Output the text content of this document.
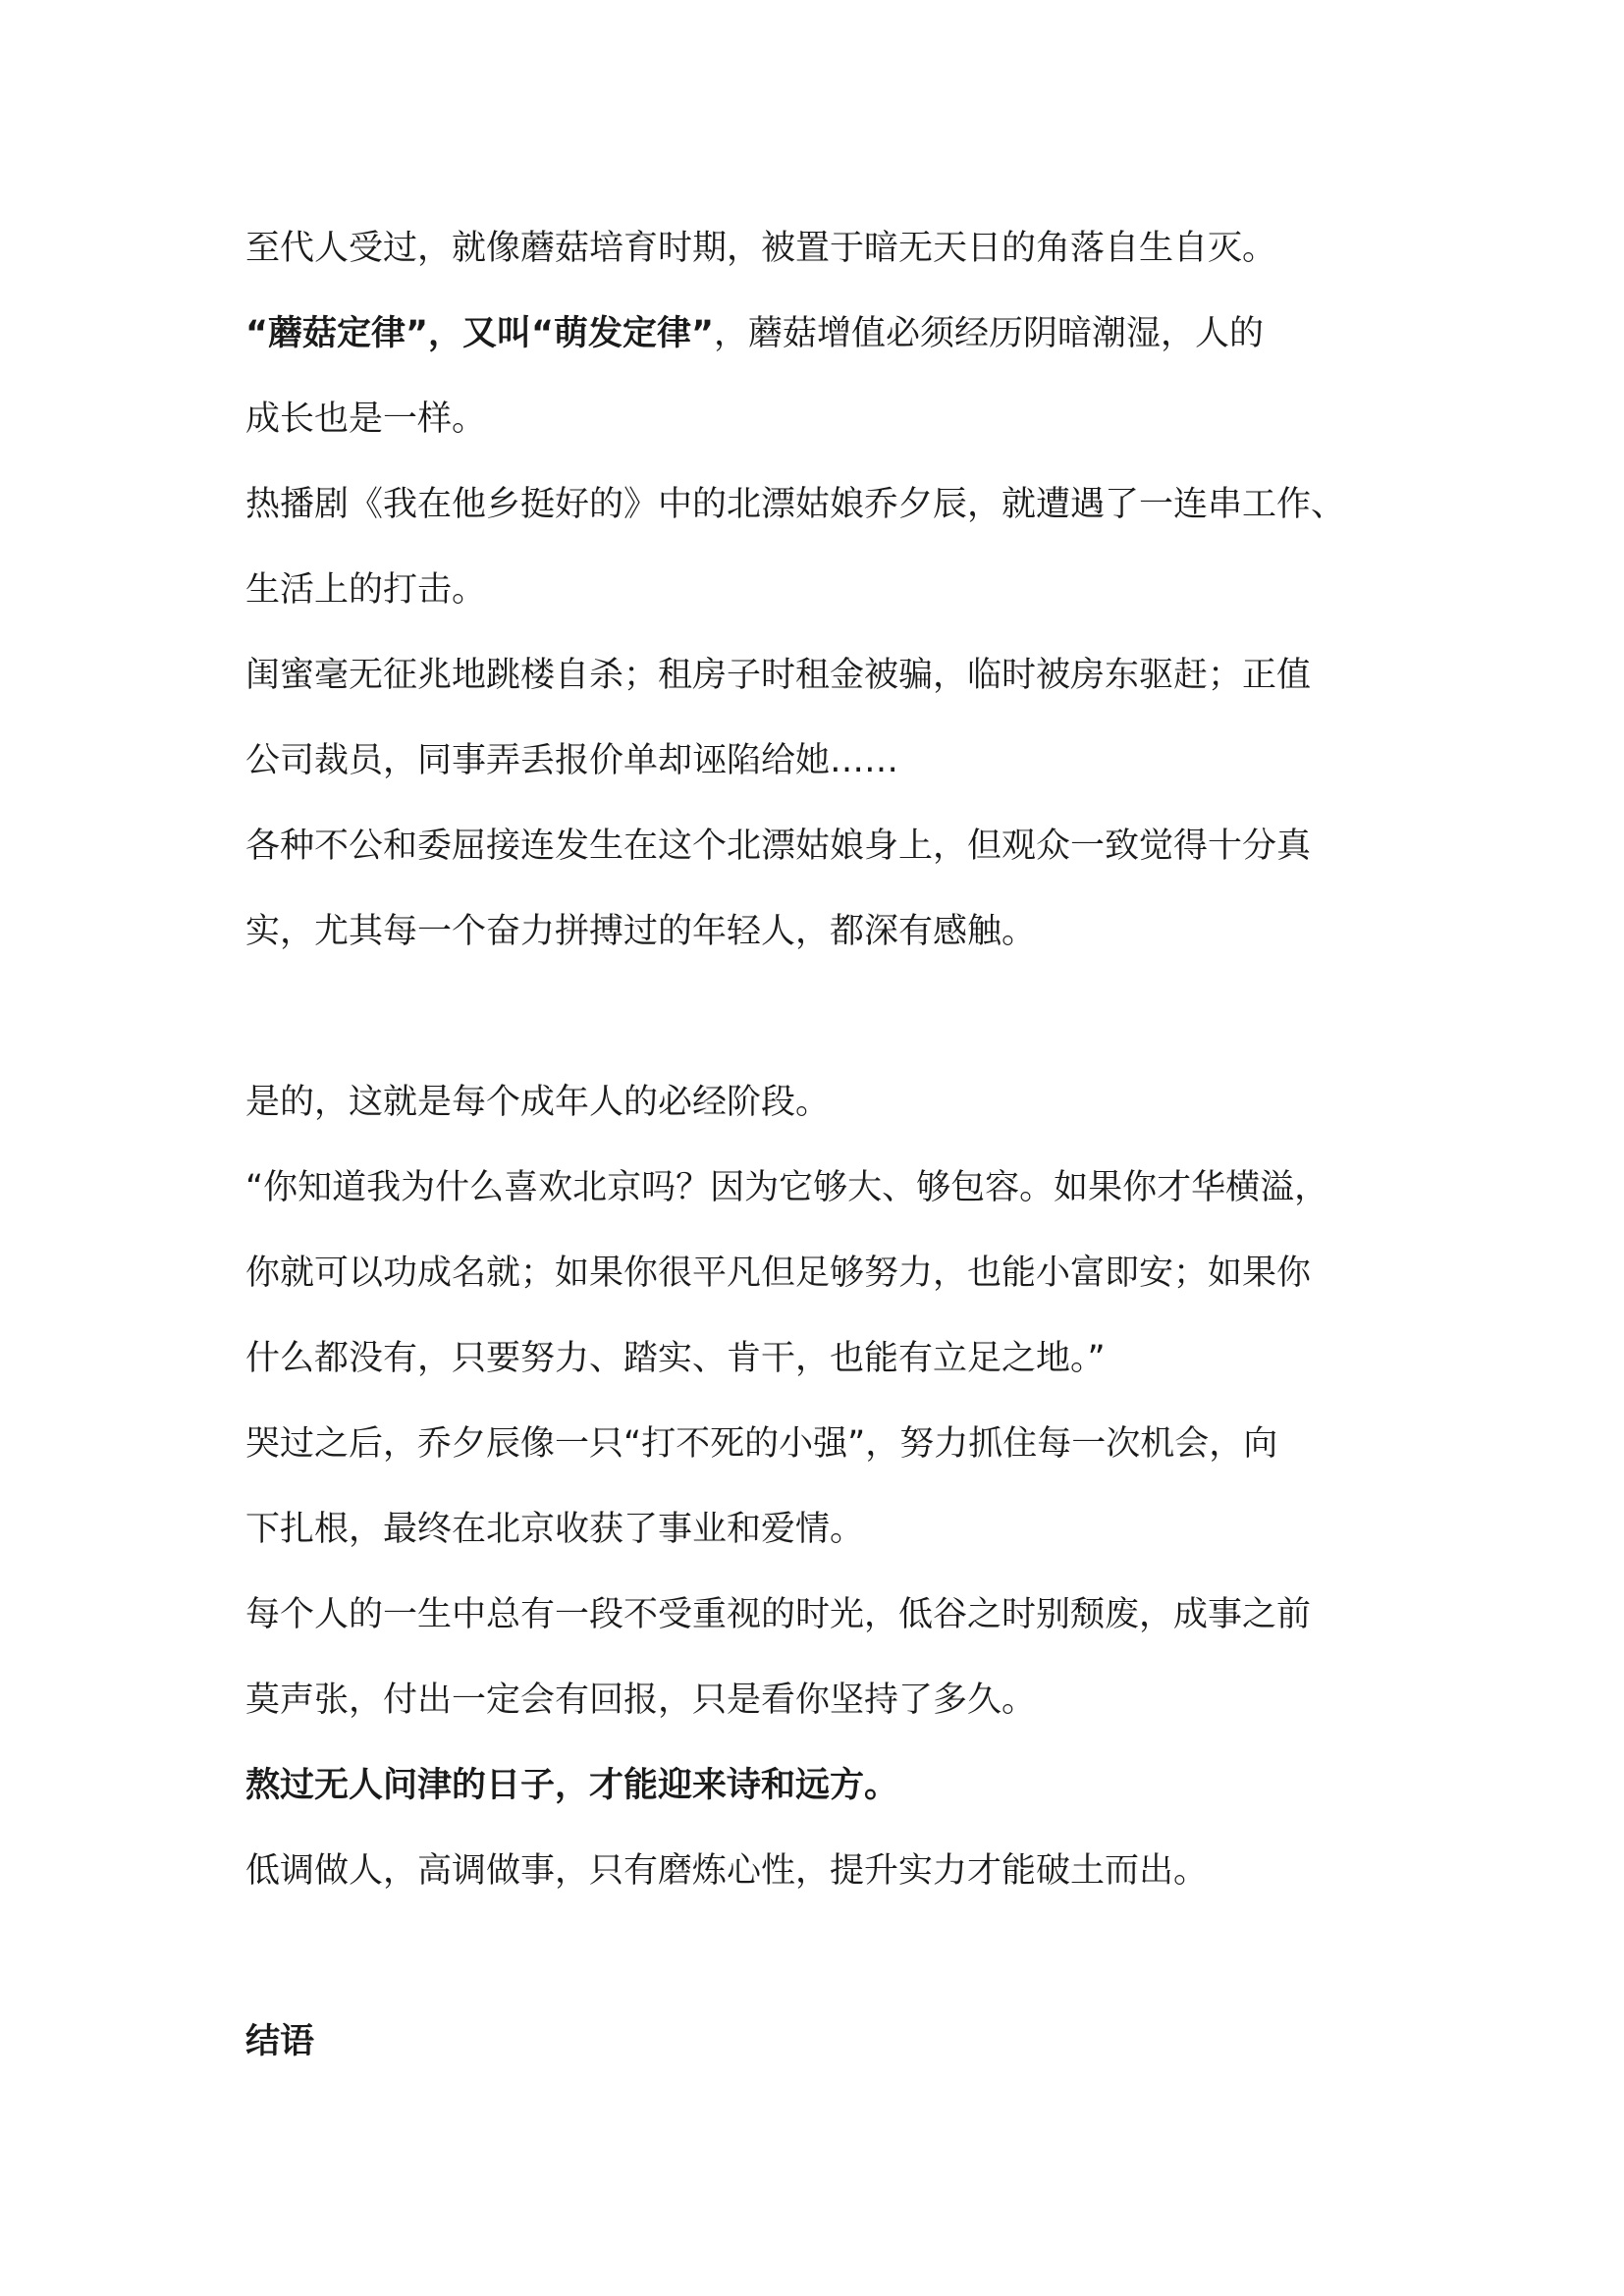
至代人受过，就像蘑菇培育时期，被置于暗无天日的角落自生自灭。
“蘑菇定律”，又叫“萌发定律”，蘑菇增值必须经历阴暗潮湿，人的
成长也是一样。
热播剧《我在他乡挺好的》中的北漂姑娘乔夕辰，就遭遇了一连串工作、
生活上的打击。
闺蜜毫无征兆地跳楼自杀；租房子时租金被骗，临时被房东驱赶；正值
公司裁员，同事弄丢报价单却诬陷给她……
各种不公和委屈接连发生在这个北漂姑娘身上，但观众一致觉得十分真
实，尤其每一个奋力拼搏过的年轻人，都深有感触。
是的，这就是每个成年人的必经阶段。
“你知道我为什么喜欢北京吗？因为它够大、够包容。如果你才华横溢，
你就可以功成名就；如果你很平凡但足够努力，也能小富即安；如果你
什么都没有，只要努力、踏实、肯干，也能有立足之地。”
哭过之后，乔夕辰像一只“打不死的小强”，努力抓住每一次机会，向
下扎根，最终在北京收获了事业和爱情。
每个人的一生中总有一段不受重视的时光，低谷之时别颓废，成事之前
莫声张，付出一定会有回报，只是看你坚持了多久。
熬过无人问津的日子，才能迎来诗和远方。
低调做人，高调做事，只有磨炼心性，提升实力才能破土而出。
结语
